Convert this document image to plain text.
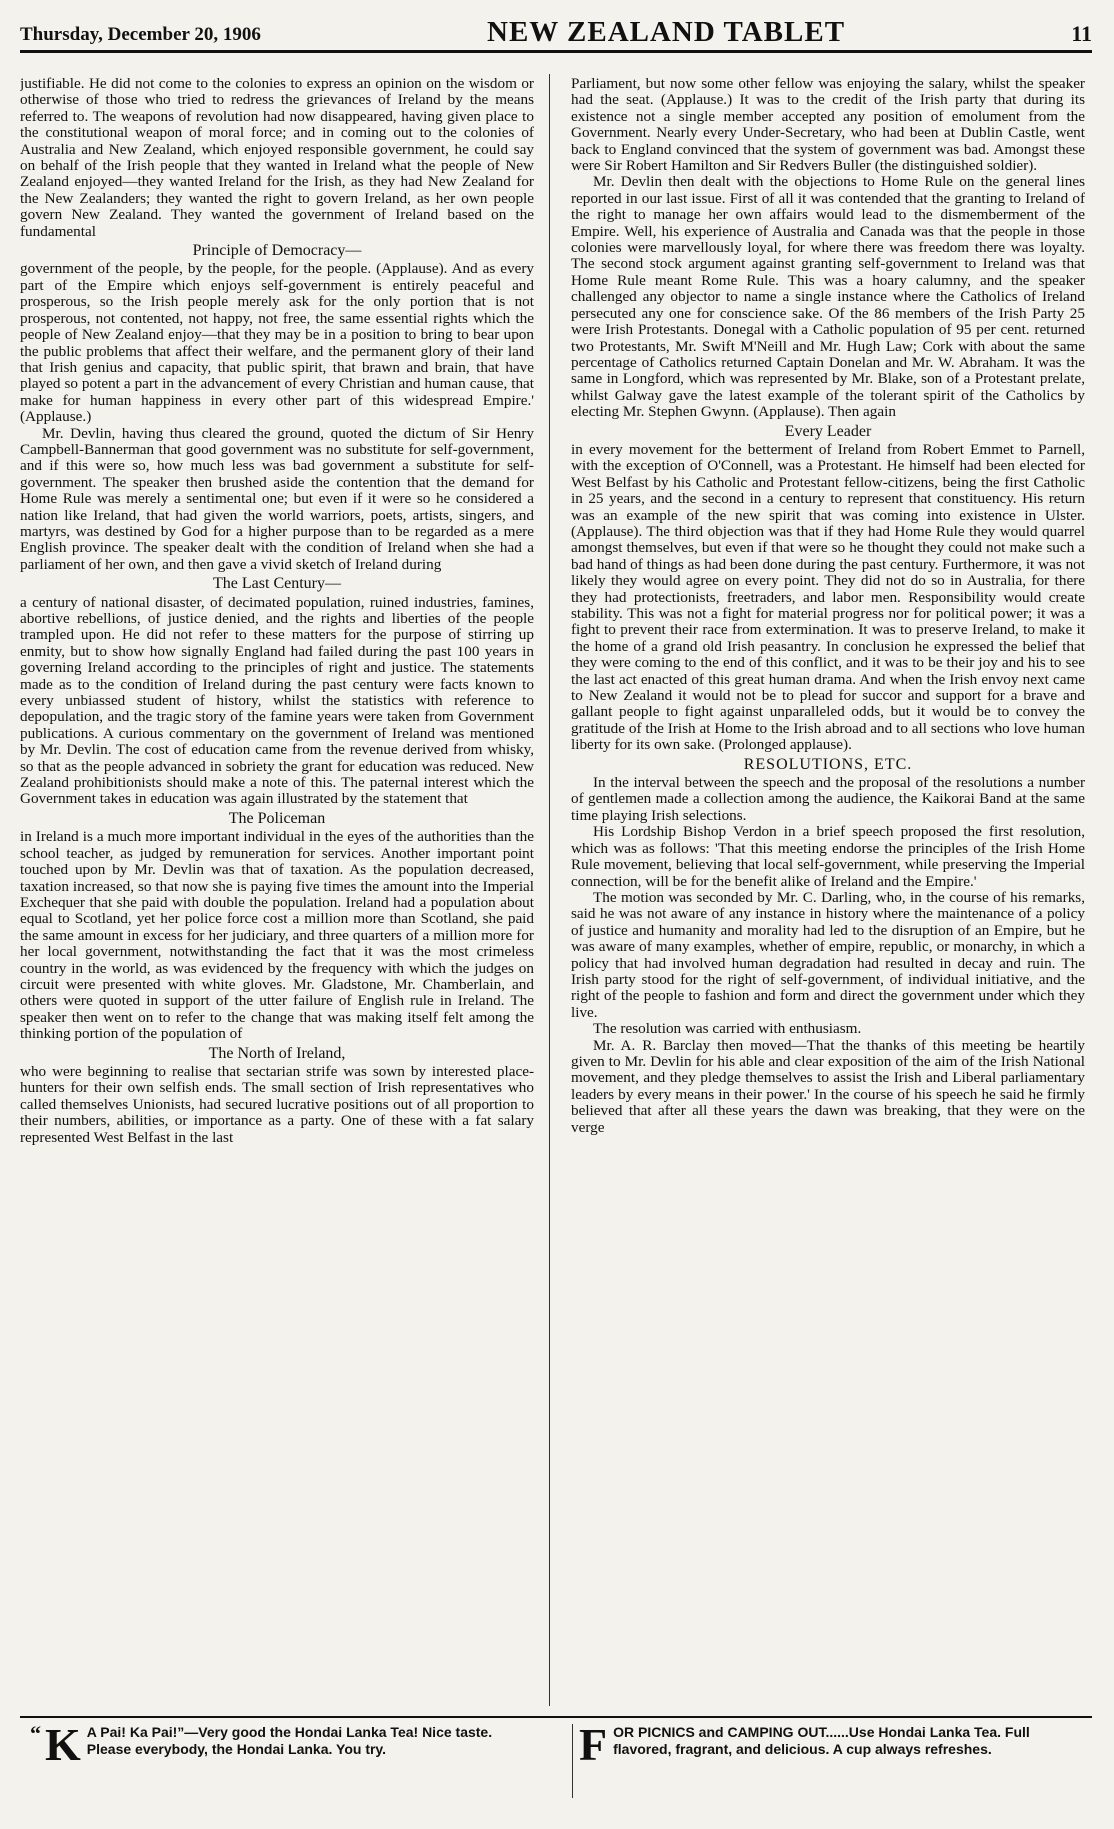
Thursday, December 20, 1906	NEW ZEALAND TABLET	11

justifiable. He did not come to the colonies to express an opinion on the wisdom or otherwise of those who tried to redress the grievances of Ireland by the means referred to. The weapons of revolution had now disappeared, having given place to the constitutional weapon of moral force; and in coming out to the colonies of Australia and New Zealand, which enjoyed responsible government, he could say on behalf of the Irish people that they wanted in Ireland what the people of New Zealand enjoyed—they wanted Ireland for the Irish, as they had New Zealand for the New Zealanders; they wanted the right to govern Ireland, as her own people govern New Zealand. They wanted the government of Ireland based on the fundamental

Principle of Democracy—

government of the people, by the people, for the people. (Applause). And as every part of the Empire which enjoys self-government is entirely peaceful and prosperous, so the Irish people merely ask for the only portion that is not prosperous, not contented, not happy, not free, the same essential rights which the people of New Zealand enjoy—that they may be in a position to bring to bear upon the public problems that affect their welfare, and the permanent glory of their land that Irish genius and capacity, that public spirit, that brawn and brain, that have played so potent a part in the advancement of every Christian and human cause, that make for human happiness in every other part of this widespread Empire.' (Applause.)

Mr. Devlin, having thus cleared the ground, quoted the dictum of Sir Henry Campbell-Bannerman that good government was no substitute for self-government, and if this were so, how much less was bad government a substitute for self-government. The speaker then brushed aside the contention that the demand for Home Rule was merely a sentimental one; but even if it were so he considered a nation like Ireland, that had given the world warriors, poets, artists, singers, and martyrs, was destined by God for a higher purpose than to be regarded as a mere English province. The speaker dealt with the condition of Ireland when she had a parliament of her own, and then gave a vivid sketch of Ireland during

The Last Century—

a century of national disaster, of decimated population, ruined industries, famines, abortive rebellions, of justice denied, and the rights and liberties of the people trampled upon. He did not refer to these matters for the purpose of stirring up enmity, but to show how signally England had failed during the past 100 years in governing Ireland according to the principles of right and justice. The statements made as to the condition of Ireland during the past century were facts known to every unbiassed student of history, whilst the statistics with reference to depopulation, and the tragic story of the famine years were taken from Government publications. A curious commentary on the government of Ireland was mentioned by Mr. Devlin. The cost of education came from the revenue derived from whisky, so that as the people advanced in sobriety the grant for education was reduced. New Zealand prohibitionists should make a note of this. The paternal interest which the Government takes in education was again illustrated by the statement that

The Policeman

in Ireland is a much more important individual in the eyes of the authorities than the school teacher, as judged by remuneration for services. Another important point touched upon by Mr. Devlin was that of taxation. As the population decreased, taxation increased, so that now she is paying five times the amount into the Imperial Exchequer that she paid with double the population. Ireland had a population about equal to Scotland, yet her police force cost a million more than Scotland, she paid the same amount in excess for her judiciary, and three quarters of a million more for her local government, notwithstanding the fact that it was the most crimeless country in the world, as was evidenced by the frequency with which the judges on circuit were presented with white gloves. Mr. Gladstone, Mr. Chamberlain, and others were quoted in support of the utter failure of English rule in Ireland. The speaker then went on to refer to the change that was making itself felt among the thinking portion of the population of

The North of Ireland,

who were beginning to realise that sectarian strife was sown by interested place-hunters for their own selfish ends. The small section of Irish representatives who called themselves Unionists, had secured lucrative positions out of all proportion to their numbers, abilities, or importance as a party. One of these with a fat salary represented West Belfast in the last

Parliament, but now some other fellow was enjoying the salary, whilst the speaker had the seat. (Applause.) It was to the credit of the Irish party that during its existence not a single member accepted any position of emolument from the Government. Nearly every Under-Secretary, who had been at Dublin Castle, went back to England convinced that the system of government was bad. Amongst these were Sir Robert Hamilton and Sir Redvers Buller (the distinguished soldier).

Mr. Devlin then dealt with the objections to Home Rule on the general lines reported in our last issue. First of all it was contended that the granting to Ireland of the right to manage her own affairs would lead to the dismemberment of the Empire. Well, his experience of Australia and Canada was that the people in those colonies were marvellously loyal, for where there was freedom there was loyalty. The second stock argument against granting self-government to Ireland was that Home Rule meant Rome Rule. This was a hoary calumny, and the speaker challenged any objector to name a single instance where the Catholics of Ireland persecuted any one for conscience sake. Of the 86 members of the Irish Party 25 were Irish Protestants. Donegal with a Catholic population of 95 per cent. returned two Protestants, Mr. Swift M'Neill and Mr. Hugh Law; Cork with about the same percentage of Catholics returned Captain Donelan and Mr. W. Abraham. It was the same in Longford, which was represented by Mr. Blake, son of a Protestant prelate, whilst Galway gave the latest example of the tolerant spirit of the Catholics by electing Mr. Stephen Gwynn. (Applause). Then again

Every Leader

in every movement for the betterment of Ireland from Robert Emmet to Parnell, with the exception of O'Connell, was a Protestant. He himself had been elected for West Belfast by his Catholic and Protestant fellow-citizens, being the first Catholic in 25 years, and the second in a century to represent that constituency. His return was an example of the new spirit that was coming into existence in Ulster. (Applause). The third objection was that if they had Home Rule they would quarrel amongst themselves, but even if that were so he thought they could not make such a bad hand of things as had been done during the past century. Furthermore, it was not likely they would agree on every point. They did not do so in Australia, for there they had protectionists, freetraders, and labor men. Responsibility would create stability. This was not a fight for material progress nor for political power; it was a fight to prevent their race from extermination. It was to preserve Ireland, to make it the home of a grand old Irish peasantry. In conclusion he expressed the belief that they were coming to the end of this conflict, and it was to be their joy and his to see the last act enacted of this great human drama. And when the Irish envoy next came to New Zealand it would not be to plead for succor and support for a brave and gallant people to fight against unparalleled odds, but it would be to convey the gratitude of the Irish at Home to the Irish abroad and to all sections who love human liberty for its own sake. (Prolonged applause).

RESOLUTIONS, ETC.

In the interval between the speech and the proposal of the resolutions a number of gentlemen made a collection among the audience, the Kaikorai Band at the same time playing Irish selections.

His Lordship Bishop Verdon in a brief speech proposed the first resolution, which was as follows: 'That this meeting endorse the principles of the Irish Home Rule movement, believing that local self-government, while preserving the Imperial connection, will be for the benefit alike of Ireland and the Empire.'

The motion was seconded by Mr. C. Darling, who, in the course of his remarks, said he was not aware of any instance in history where the maintenance of a policy of justice and humanity and morality had led to the disruption of an Empire, but he was aware of many examples, whether of empire, republic, or monarchy, in which a policy that had involved human degradation had resulted in decay and ruin. The Irish party stood for the right of self-government, of individual initiative, and the right of the people to fashion and form and direct the government under which they live.

The resolution was carried with enthusiasm.

Mr. A. R. Barclay then moved—That the thanks of this meeting be heartily given to Mr. Devlin for his able and clear exposition of the aim of the Irish National movement, and they pledge themselves to assist the Irish and Liberal parliamentary leaders by every means in their power.' In the course of his speech he said he firmly believed that after all these years the dawn was breaking, that they were on the verge

“ K A Pai! Ka Pai!”—Very good the Hondai Lanka Tea! Nice taste. Please everybody, the Hondai Lanka. You try.	F OR PICNICS and CAMPING OUT......Use Hondai Lanka Tea. Full flavored, fragrant, and delicious. A cup always refreshes.
